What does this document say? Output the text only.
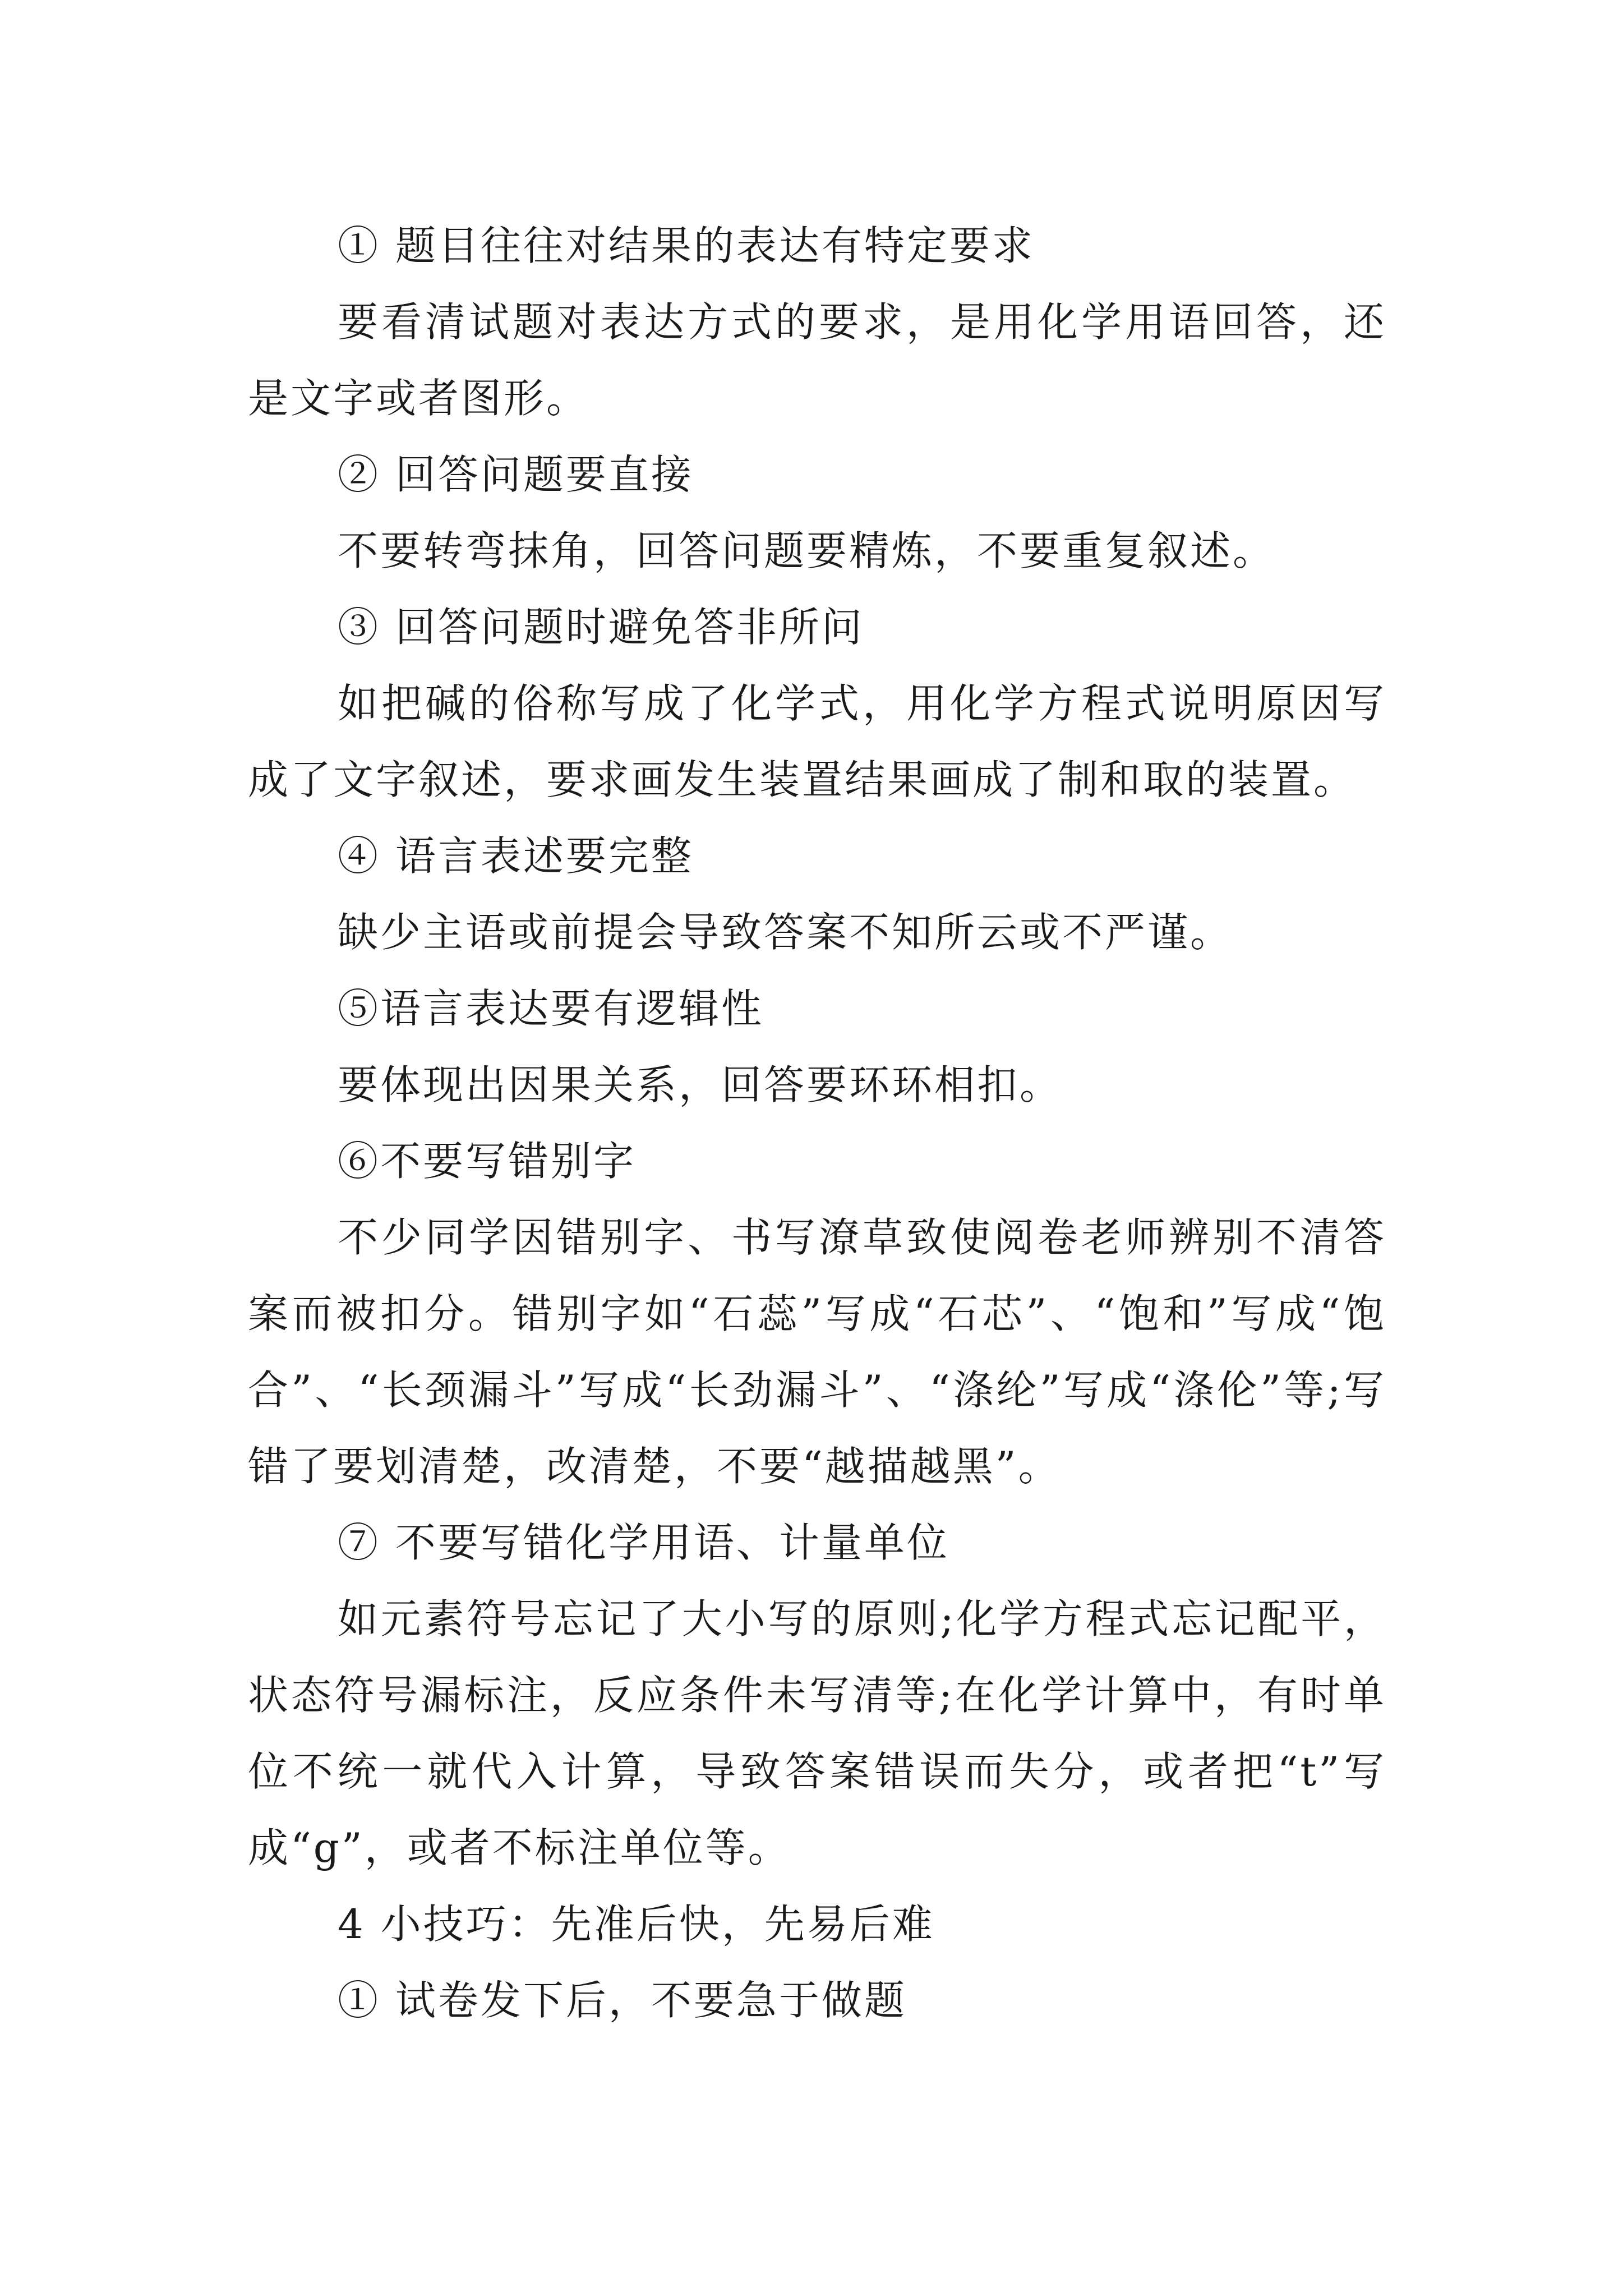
① 题目往往对结果的表达有特定要求

要看清试题对表达方式的要求，是用化学用语回答，还是文字或者图形。

② 回答问题要直接

不要转弯抹角，回答问题要精炼，不要重复叙述。

③ 回答问题时避免答非所问

如把碱的俗称写成了化学式，用化学方程式说明原因写成了文字叙述，要求画发生装置结果画成了制和取的装置。

④ 语言表述要完整

缺少主语或前提会导致答案不知所云或不严谨。

⑤语言表达要有逻辑性

要体现出因果关系，回答要环环相扣。

⑥不要写错别字

不少同学因错别字、书写潦草致使阅卷老师辨别不清答案而被扣分。错别字如“石蕊”写成“石芯”、“饱和”写成“饱合”、“长颈漏斗”写成“长劲漏斗”、“涤纶”写成“涤伦”等;写错了要划清楚，改清楚，不要“越描越黑”。

⑦ 不要写错化学用语、计量单位

如元素符号忘记了大小写的原则;化学方程式忘记配平，状态符号漏标注，反应条件未写清等;在化学计算中，有时单位不统一就代入计算，导致答案错误而失分，或者把“t”写成“g”，或者不标注单位等。

4 小技巧：先准后快，先易后难

① 试卷发下后，不要急于做题
